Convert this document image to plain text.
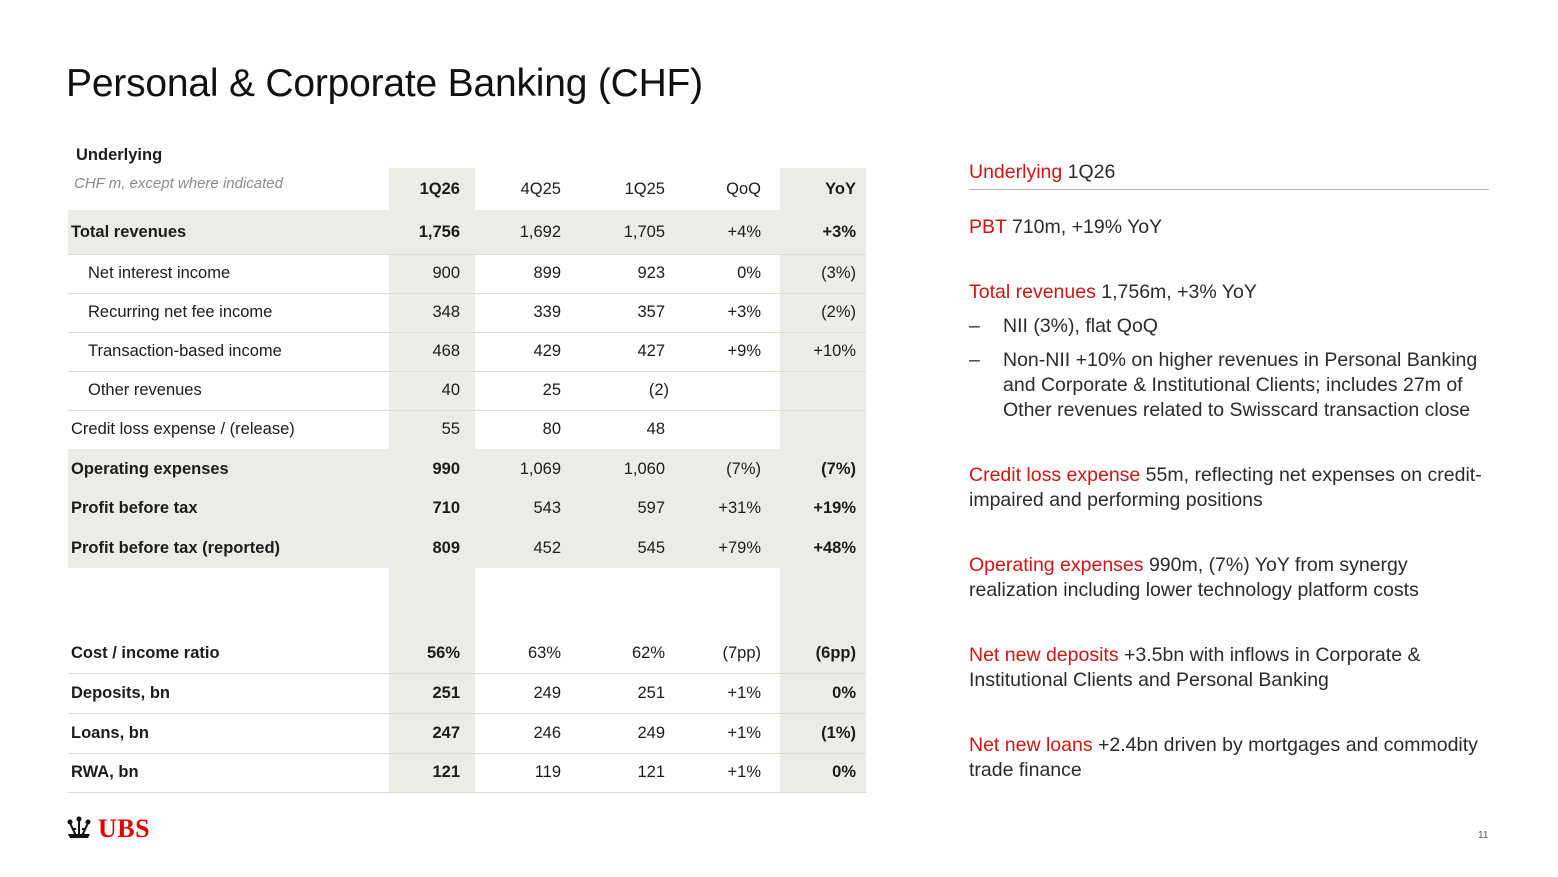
Personal & Corporate Banking (CHF)
Underlying
CHF m, except where indicated	1Q26	4Q25	1Q25	QoQ	YoY
Total revenues	1,756	1,692	1,705	+4%	+3%
Net interest income	900	899	923	0%	(3%)
Recurring net fee income	348	339	357	+3%	(2%)
Transaction-based income	468	429	427	+9%	+10%
Other revenues	40	25	(2)
Credit loss expense / (release)	55	80	48
Operating expenses	990	1,069	1,060	(7%)	(7%)
Profit before tax	710	543	597	+31%	+19%
Profit before tax (reported)	809	452	545	+79%	+48%
Cost / income ratio	56%	63%	62%	(7pp)	(6pp)
Deposits, bn	251	249	251	+1%	0%
Loans, bn	247	246	249	+1%	(1%)
RWA, bn	121	119	121	+1%	0%
Underlying 1Q26
PBT 710m, +19% YoY
Total revenues 1,756m, +3% YoY
– NII (3%), flat QoQ
– Non-NII +10% on higher revenues in Personal Banking and Corporate & Institutional Clients; includes 27m of Other revenues related to Swisscard transaction close
Credit loss expense 55m, reflecting net expenses on credit-impaired and performing positions
Operating expenses 990m, (7%) YoY from synergy realization including lower technology platform costs
Net new deposits +3.5bn with inflows in Corporate & Institutional Clients and Personal Banking
Net new loans +2.4bn driven by mortgages and commodity trade finance
UBS	11
